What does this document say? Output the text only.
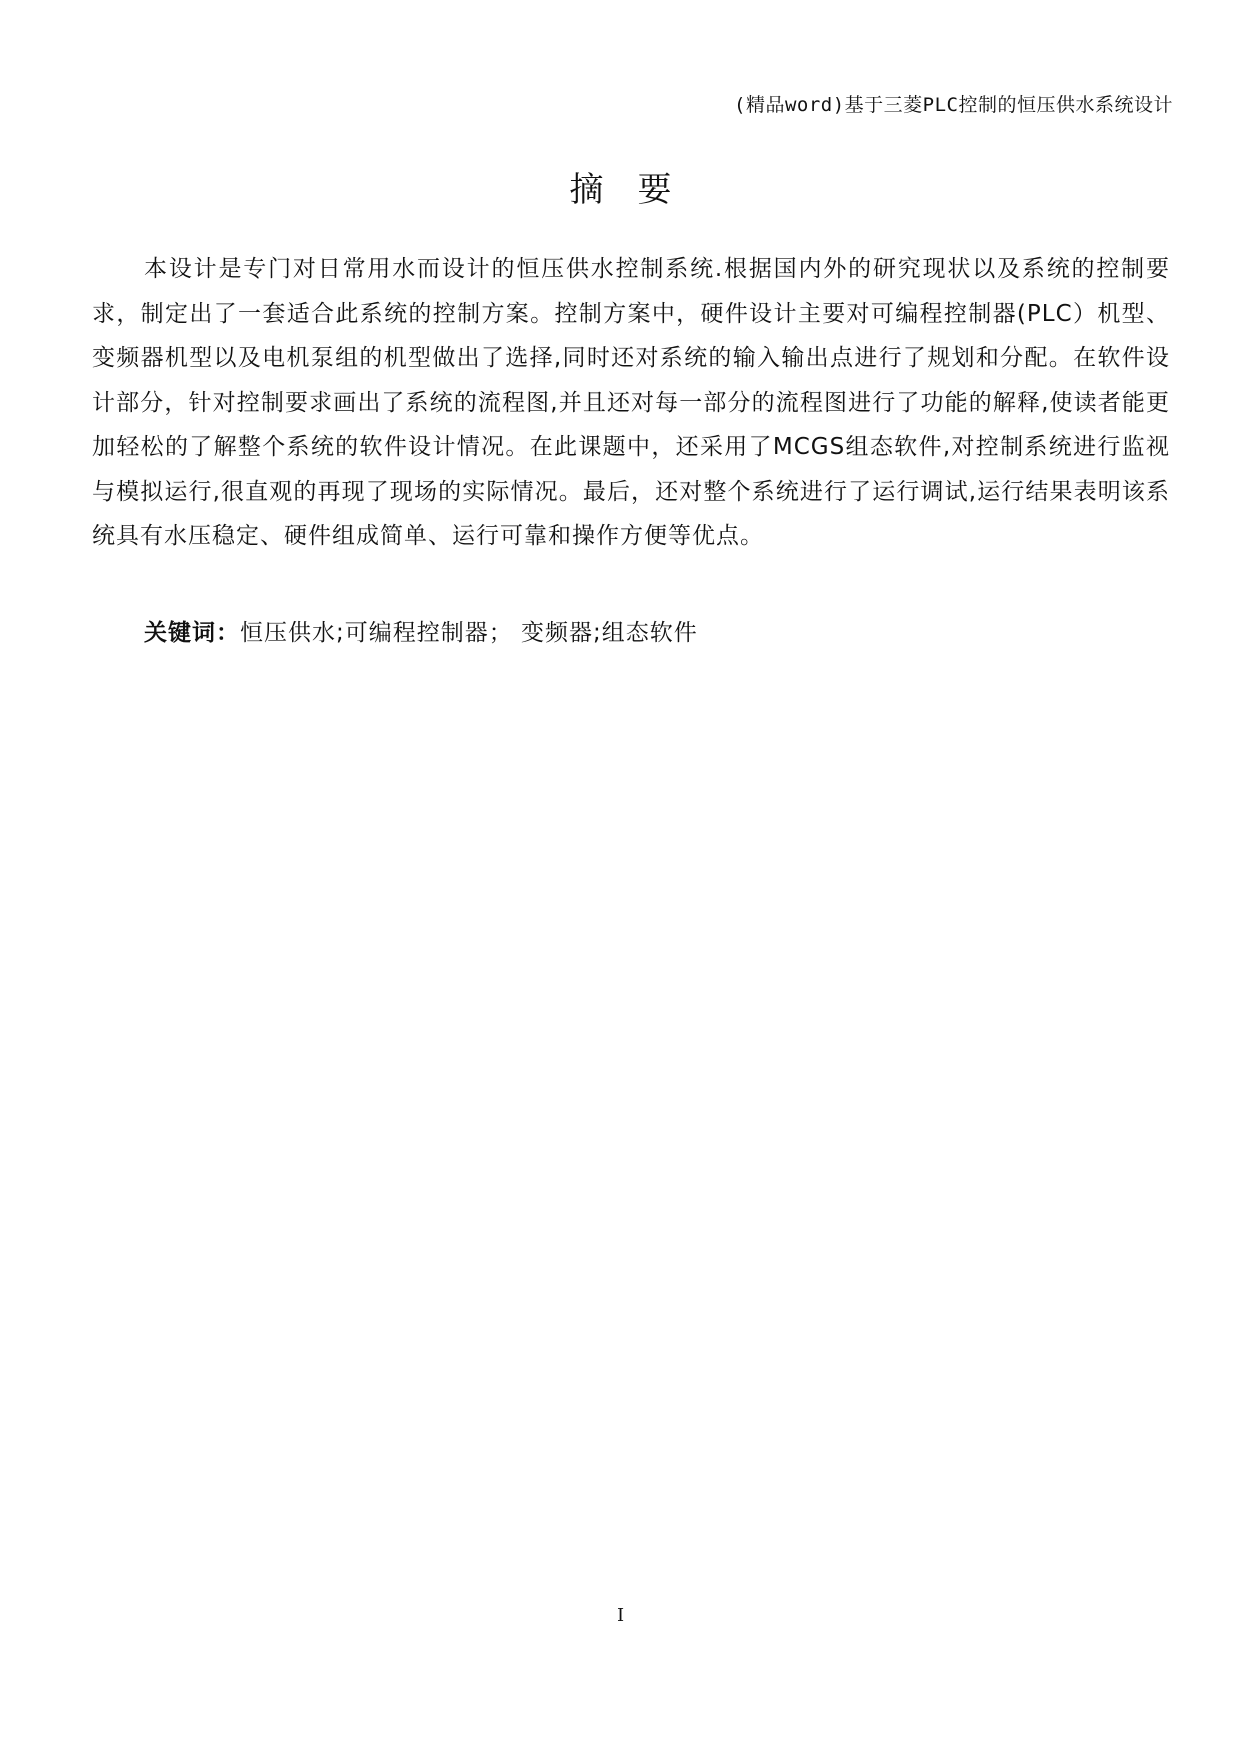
(精品word)基于三菱PLC控制的恒压供水系统设计
摘要

本设计是专门对日常用水而设计的恒压供水控制系统.根据国内外的研究现状以及系统的控制要求，制定出了一套适合此系统的控制方案。控制方案中，硬件设计主要对可编程控制器(PLC）机型、变频器机型以及电机泵组的机型做出了选择,同时还对系统的输入输出点进行了规划和分配。在软件设计部分，针对控制要求画出了系统的流程图,并且还对每一部分的流程图进行了功能的解释,使读者能更加轻松的了解整个系统的软件设计情况。在此课题中，还采用了MCGS组态软件,对控制系统进行监视与模拟运行,很直观的再现了现场的实际情况。最后，还对整个系统进行了运行调试,运行结果表明该系统具有水压稳定、硬件组成简单、运行可靠和操作方便等优点。

关键词：恒压供水;可编程控制器； 变频器;组态软件
I
